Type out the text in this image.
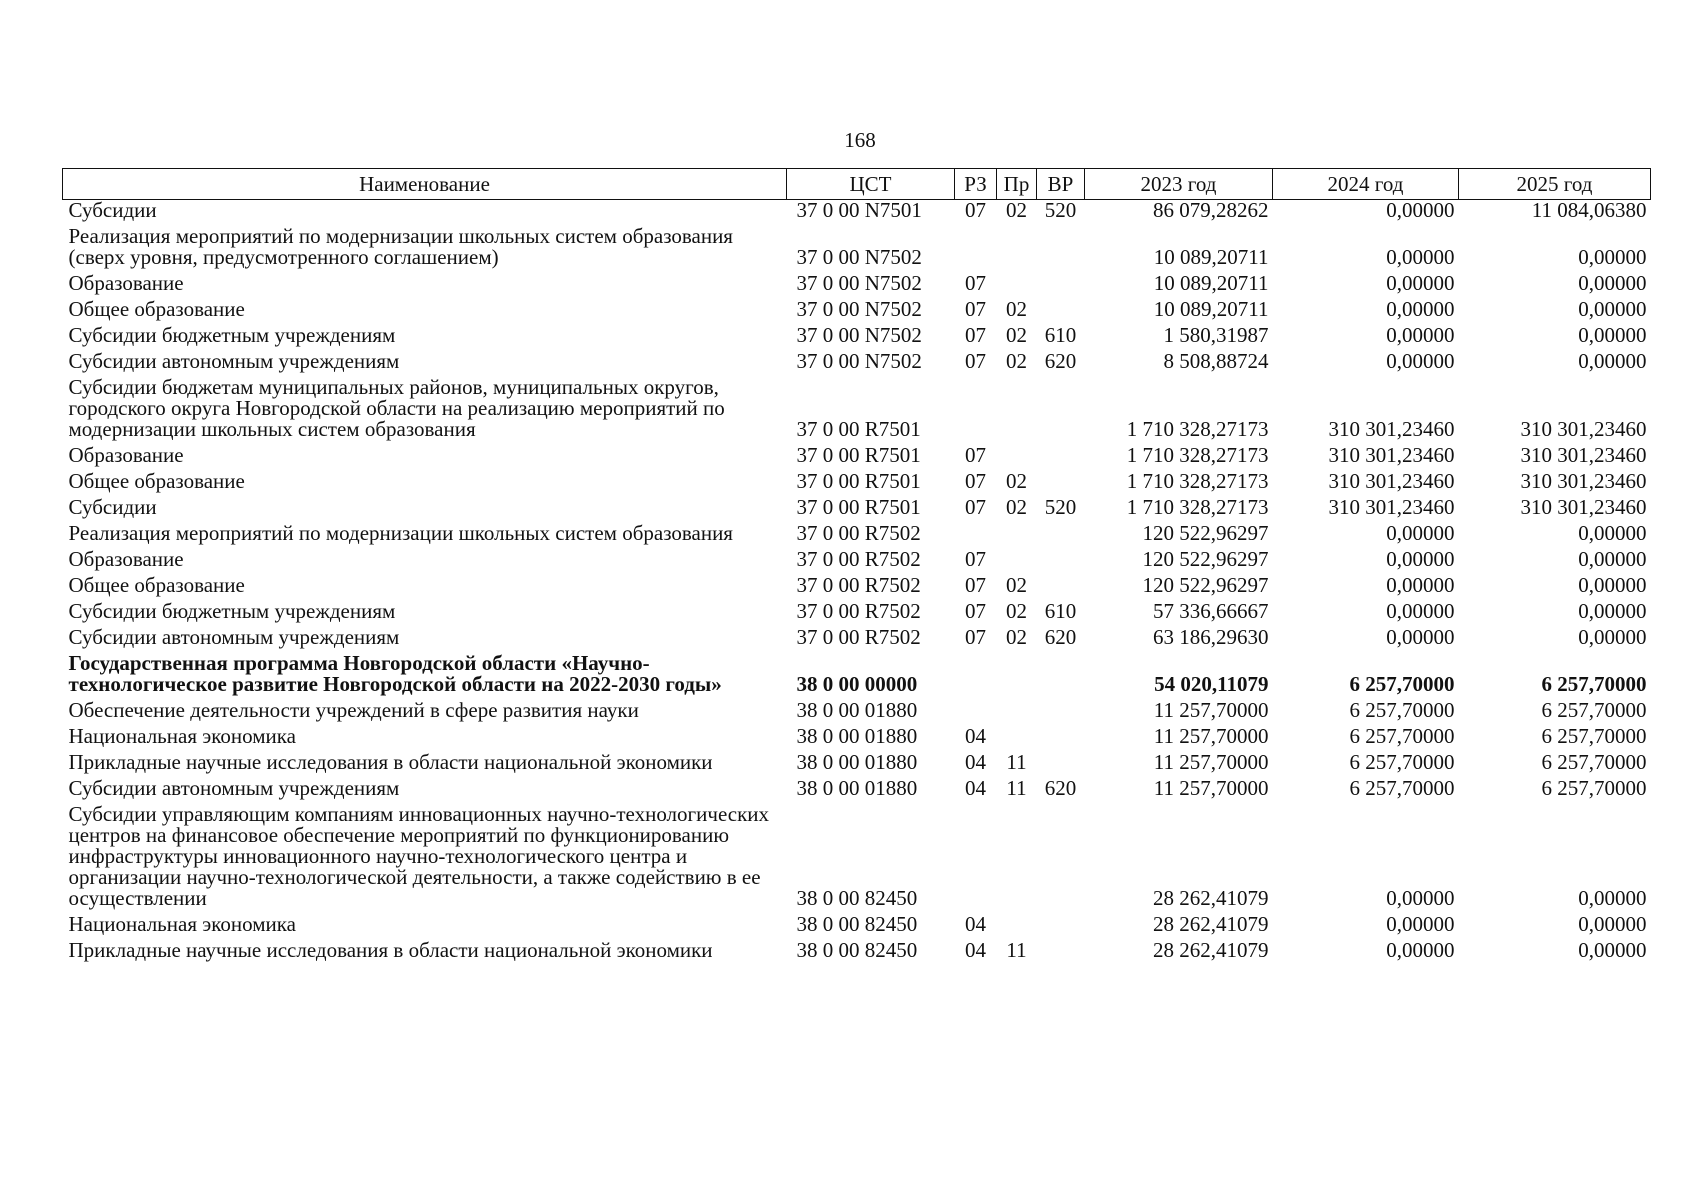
168
Наименование	ЦСТ	РЗ	Пр	ВР	2023 год	2024 год	2025 год
Субсидии	37 0 00 N7501	07	02	520	86 079,28262	0,00000	11 084,06380
Реализация мероприятий по модернизации школьных систем образования (сверх уровня, предусмотренного соглашением)	37 0 00 N7502				10 089,20711	0,00000	0,00000
Образование	37 0 00 N7502	07			10 089,20711	0,00000	0,00000
Общее образование	37 0 00 N7502	07	02		10 089,20711	0,00000	0,00000
Субсидии бюджетным учреждениям	37 0 00 N7502	07	02	610	1 580,31987	0,00000	0,00000
Субсидии автономным учреждениям	37 0 00 N7502	07	02	620	8 508,88724	0,00000	0,00000
Субсидии бюджетам муниципальных районов, муниципальных округов, городского округа Новгородской области на реализацию мероприятий по модернизации школьных систем образования	37 0 00 R7501				1 710 328,27173	310 301,23460	310 301,23460
Образование	37 0 00 R7501	07			1 710 328,27173	310 301,23460	310 301,23460
Общее образование	37 0 00 R7501	07	02		1 710 328,27173	310 301,23460	310 301,23460
Субсидии	37 0 00 R7501	07	02	520	1 710 328,27173	310 301,23460	310 301,23460
Реализация мероприятий по модернизации школьных систем образования	37 0 00 R7502				120 522,96297	0,00000	0,00000
Образование	37 0 00 R7502	07			120 522,96297	0,00000	0,00000
Общее образование	37 0 00 R7502	07	02		120 522,96297	0,00000	0,00000
Субсидии бюджетным учреждениям	37 0 00 R7502	07	02	610	57 336,66667	0,00000	0,00000
Субсидии автономным учреждениям	37 0 00 R7502	07	02	620	63 186,29630	0,00000	0,00000
Государственная программа Новгородской области «Научно-технологическое развитие Новгородской области на 2022-2030 годы»	38 0 00 00000				54 020,11079	6 257,70000	6 257,70000
Обеспечение деятельности учреждений в сфере развития науки	38 0 00 01880				11 257,70000	6 257,70000	6 257,70000
Национальная экономика	38 0 00 01880	04			11 257,70000	6 257,70000	6 257,70000
Прикладные научные исследования в области национальной экономики	38 0 00 01880	04	11		11 257,70000	6 257,70000	6 257,70000
Субсидии автономным учреждениям	38 0 00 01880	04	11	620	11 257,70000	6 257,70000	6 257,70000
Субсидии управляющим компаниям инновационных научно-технологических центров на финансовое обеспечение мероприятий по функционированию инфраструктуры инновационного научно-технологического центра и организации научно-технологической деятельности, а также содействию в ее осуществлении	38 0 00 82450				28 262,41079	0,00000	0,00000
Национальная экономика	38 0 00 82450	04			28 262,41079	0,00000	0,00000
Прикладные научные исследования в области национальной экономики	38 0 00 82450	04	11		28 262,41079	0,00000	0,00000
